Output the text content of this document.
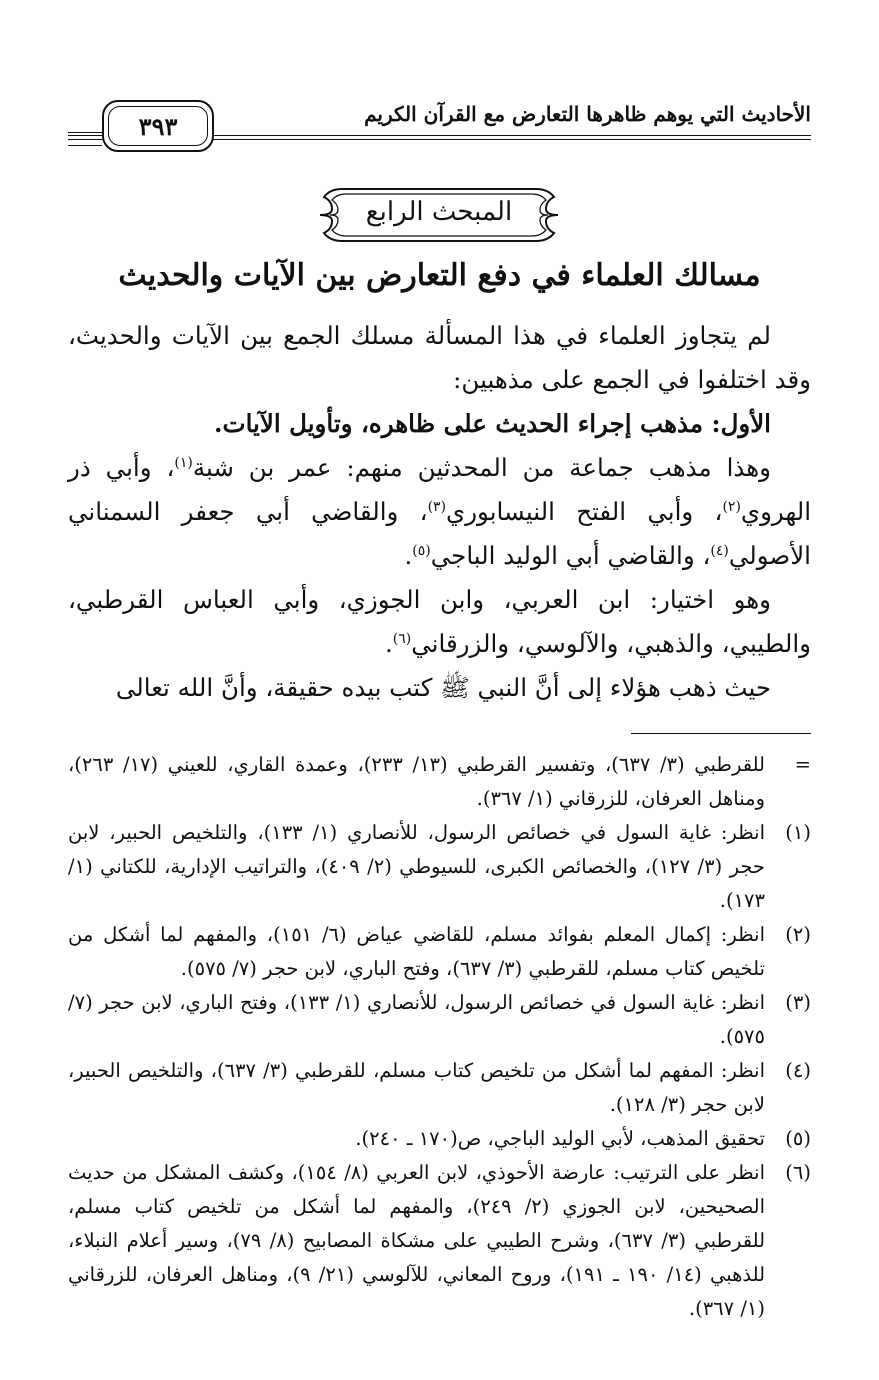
الأحاديث التي يوهم ظاهرها التعارض مع القرآن الكريم
٣٩٣
المبحث الرابع
مسالك العلماء في دفع التعارض بين الآيات والحديث

لم يتجاوز العلماء في هذا المسألة مسلك الجمع بين الآيات والحديث، وقد اختلفوا في الجمع على مذهبين:

الأول: مذهب إجراء الحديث على ظاهره، وتأويل الآيات.

وهذا مذهب جماعة من المحدثين منهم: عمر بن شبة$^{(١)}$، وأبي ذر الهروي$^{(٢)}$، وأبي الفتح النيسابوري$^{(٣)}$، والقاضي أبي جعفر السمناني الأصولي$^{(٤)}$، والقاضي أبي الوليد الباجي$^{(٥)}$.

وهو اختيار: ابن العربي، وابن الجوزي، وأبي العباس القرطبي، والطيبي، والذهبي، والآلوسي، والزرقاني$^{(٦)}$.

حيث ذهب هؤلاء إلى أنَّ النبي ﷺ كتب بيده حقيقة، وأنَّ الله تعالى

=
للقرطبي (٣/ ٦٣٧)، وتفسير القرطبي (١٣/ ٢٣٣)، وعمدة القاري، للعيني (١٧/ ٢٦٣)، ومناهل العرفان، للزرقاني (١/ ٣٦٧).
(١)
انظر: غاية السول في خصائص الرسول، للأنصاري (١/ ١٣٣)، والتلخيص الحبير، لابن حجر (٣/ ١٢٧)، والخصائص الكبرى، للسيوطي (٢/ ٤٠٩)، والتراتيب الإدارية، للكتاني (١/ ١٧٣).
(٢)
انظر: إكمال المعلم بفوائد مسلم، للقاضي عياض (٦/ ١٥١)، والمفهم لما أشكل من تلخيص كتاب مسلم، للقرطبي (٣/ ٦٣٧)، وفتح الباري، لابن حجر (٧/ ٥٧٥).
(٣)
انظر: غاية السول في خصائص الرسول، للأنصاري (١/ ١٣٣)، وفتح الباري، لابن حجر (٧/ ٥٧٥).
(٤)
انظر: المفهم لما أشكل من تلخيص كتاب مسلم، للقرطبي (٣/ ٦٣٧)، والتلخيص الحبير، لابن حجر (٣/ ١٢٨).
(٥)
تحقيق المذهب، لأبي الوليد الباجي، ص(١٧٠ ـ ٢٤٠).
(٦)
انظر على الترتيب: عارضة الأحوذي، لابن العربي (٨/ ١٥٤)، وكشف المشكل من حديث الصحيحين، لابن الجوزي (٢/ ٢٤٩)، والمفهم لما أشكل من تلخيص كتاب مسلم، للقرطبي (٣/ ٦٣٧)، وشرح الطيبي على مشكاة المصابيح (٨/ ٧٩)، وسير أعلام النبلاء، للذهبي (١٤/ ١٩٠ ـ ١٩١)، وروح المعاني، للآلوسي (٢١/ ٩)، ومناهل العرفان، للزرقاني (١/ ٣٦٧).
